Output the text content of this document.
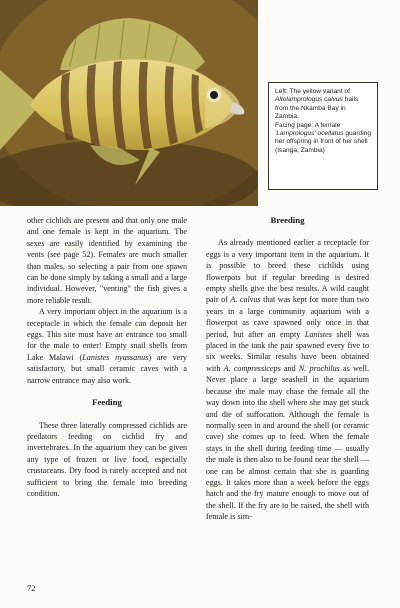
Left: The yellow variant of Altolamprologus calvus hails from the Nkamba Bay in Zambia.

Facing page: A female 'Lamprologus' ocellatus guarding her offspring in front of her shell (Isanga, Zambia)

other cichlids are present and that only one male and one female is kept in the aquarium. The sexes are easily identified by examining the vents (see page 52). Females are much smaller than males, so selecting a pair from one spawn can be done simply by taking a small and a large individual. However, "venting" the fish gives a more reliable result.

A very important object in the aquarium is a receptacle in which the female can deposit her eggs. This site must have an entrance too small for the male to enter! Empty snail shells from Lake Malawi (Lanistes nyassanus) are very satisfactory, but small ceramic caves with a narrow entrance may also work.

Feeding

These three laterally compressed cichlids are predators feeding on cichlid fry and invertebrates. In the aquarium they can be given any type of frozen or live food, especially crustaceans. Dry food is rarely accepted and not sufficient to bring the female into breeding condition.

Breeding

As already mentioned earlier a receptacle for eggs is a very important item in the aquarium. It is possible to breed these cichlids using flowerpots but if regular breeding is desired empty shells give the best results. A wild caught pair of A. calvus that was kept for more than two years in a large community aquarium with a flowerpot as cave spawned only once in that period, but after an empty Lanistes shell was placed in the tank the pair spawned every five to six weeks. Similar results have been obtained with A. compressiceps and N. prochilus as well. Never place a large seashell in the aquarium because the male may chase the female all the way down into the shell where she may get stuck and die of suffocation. Although the female is normally seen in and around the shell (or ceramic cave) she comes up to feed. When the female stays in the shell during feeding time — usually the male is then also to be found near the shell — one can be almost certain that she is guarding eggs. It takes more than a week before the eggs hatch and the fry mature enough to move out of the shell. If the fry are to be raised, the shell with female is sim-

72
